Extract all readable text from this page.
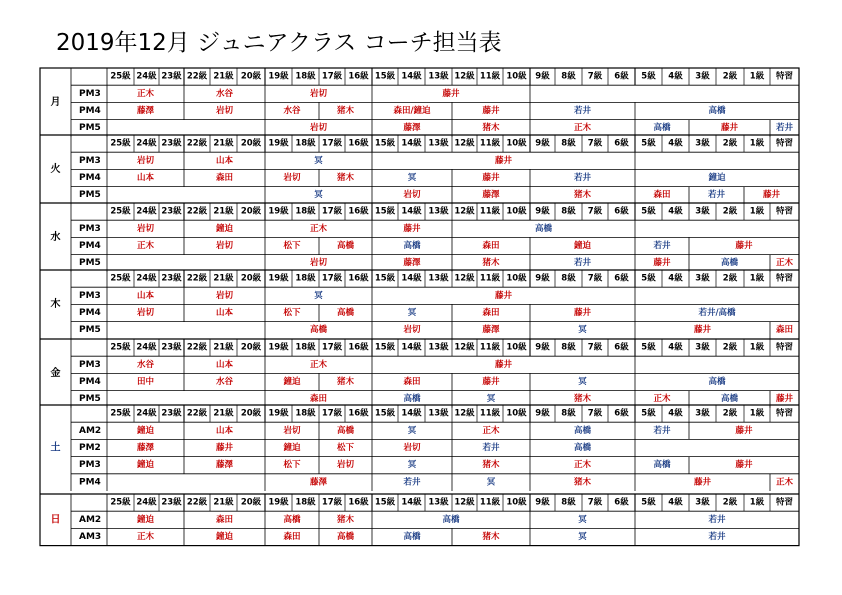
2019年12月 ジュニアクラス コーチ担当表
月
25級 24級 23級 22級 21級 20級 19級 18級 17級 16級 15級 14級 13級 12級 11級 10級 9級 8級 7級 6級 5級 4級 3級 2級 1級 特習
PM3	正木	水谷	岩切	藤井
PM4	藤澤	岩切	水谷	猪木	森田/鐘迫	藤井	若井	高橋
PM5	岩切	藤澤	猪木	正木	高橋	藤井	若井
火
25級 24級 23級 22級 21級 20級 19級 18級 17級 16級 15級 14級 13級 12級 11級 10級 9級 8級 7級 6級 5級 4級 3級 2級 1級 特習
PM3	岩切	山本	冥	藤井
PM4	山本	森田	岩切	猪木	冥	藤井	若井	鐘迫
PM5	冥	岩切	藤澤	猪木	森田	若井	藤井
水
25級 24級 23級 22級 21級 20級 19級 18級 17級 16級 15級 14級 13級 12級 11級 10級 9級 8級 7級 6級 5級 4級 3級 2級 1級 特習
PM3	岩切	鐘迫	正木	藤井	高橋
PM4	正木	岩切	松下	高橋	高橋	森田	鐘迫	若井	藤井
PM5	岩切	藤澤	猪木	若井	藤井	高橋	正木
木
25級 24級 23級 22級 21級 20級 19級 18級 17級 16級 15級 14級 13級 12級 11級 10級 9級 8級 7級 6級 5級 4級 3級 2級 1級 特習
PM3	山本	岩切	冥	藤井
PM4	岩切	山本	松下	高橋	冥	森田	藤井	若井/高橋
PM5	高橋	岩切	藤澤	冥	藤井	森田
金
25級 24級 23級 22級 21級 20級 19級 18級 17級 16級 15級 14級 13級 12級 11級 10級 9級 8級 7級 6級 5級 4級 3級 2級 1級 特習
PM3	水谷	山本	正木	藤井
PM4	田中	水谷	鐘迫	猪木	森田	藤井	冥	高橋
PM5	森田	高橋	冥	猪木	正木	高橋	藤井
土
25級 24級 23級 22級 21級 20級 19級 18級 17級 16級 15級 14級 13級 12級 11級 10級 9級 8級 7級 6級 5級 4級 3級 2級 1級 特習
AM2	鐘迫	山本	岩切	高橋	冥	正木	高橋	若井	藤井
PM2	藤澤	藤井	鐘迫	松下	岩切	若井	高橋
PM3	鐘迫	藤澤	松下	岩切	冥	猪木	正木	高橋	藤井
PM4	藤澤	若井	冥	猪木	藤井	正木
日
25級 24級 23級 22級 21級 20級 19級 18級 17級 16級 15級 14級 13級 12級 11級 10級 9級 8級 7級 6級 5級 4級 3級 2級 1級 特習
AM2	鐘迫	森田	高橋	猪木	高橋	冥	若井
AM3	正木	鐘迫	森田	高橋	高橋	猪木	冥	若井
